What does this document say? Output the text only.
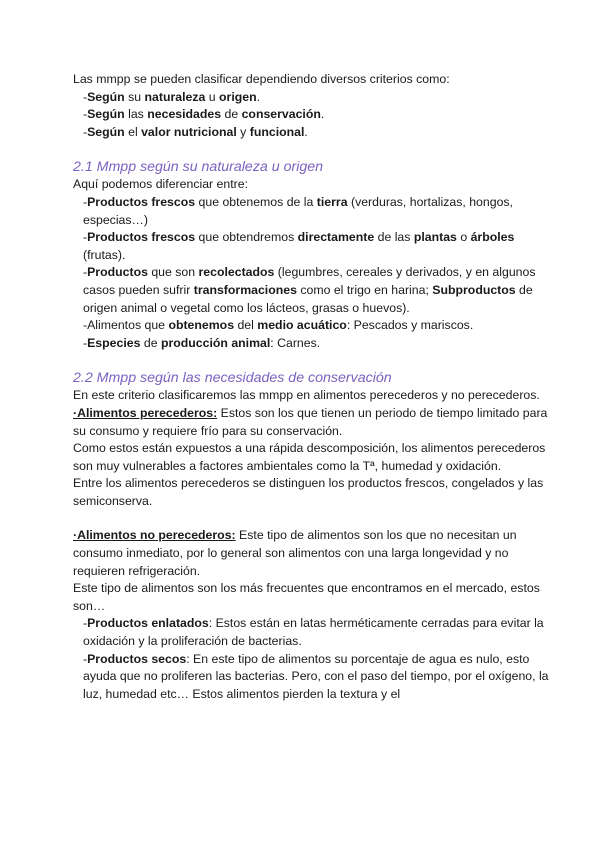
Las mmpp se pueden clasificar dependiendo diversos criterios como:

-Según su naturaleza u origen.

-Según las necesidades de conservación.

-Según el valor nutricional y funcional.

2.1 Mmpp según su naturaleza u origen

Aquí podemos diferenciar entre:

-Productos frescos que obtenemos de la tierra (verduras, hortalizas, hongos, especias…)

-Productos frescos que obtendremos directamente de las plantas o árboles (frutas).

-Productos que son recolectados (legumbres, cereales y derivados, y en algunos casos pueden sufrir transformaciones como el trigo en harina; Subproductos de origen animal o vegetal como los lácteos, grasas o huevos).

-Alimentos que obtenemos del medio acuático: Pescados y mariscos.

-Especies de producción animal: Carnes.

2.2 Mmpp según las necesidades de conservación

En este criterio clasificaremos las mmpp en alimentos perecederos y no perecederos.

·Alimentos perecederos: Estos son los que tienen un periodo de tiempo limitado para su consumo y requiere frío para su conservación.

Como estos están expuestos a una rápida descomposición, los alimentos perecederos son muy vulnerables a factores ambientales como la Tª, humedad y oxidación.

Entre los alimentos perecederos se distinguen los productos frescos, congelados y las semiconserva.

·Alimentos no perecederos: Este tipo de alimentos son los que no necesitan un consumo inmediato, por lo general son alimentos con una larga longevidad y no requieren refrigeración.

Este tipo de alimentos son los más frecuentes que encontramos en el mercado, estos son…

-Productos enlatados: Estos están en latas herméticamente cerradas para evitar la oxidación y la proliferación de bacterias.

-Productos secos: En este tipo de alimentos su porcentaje de agua es nulo, esto ayuda que no proliferen las bacterias. Pero, con el paso del tiempo, por el oxígeno, la luz, humedad etc… Estos alimentos pierden la textura y el
